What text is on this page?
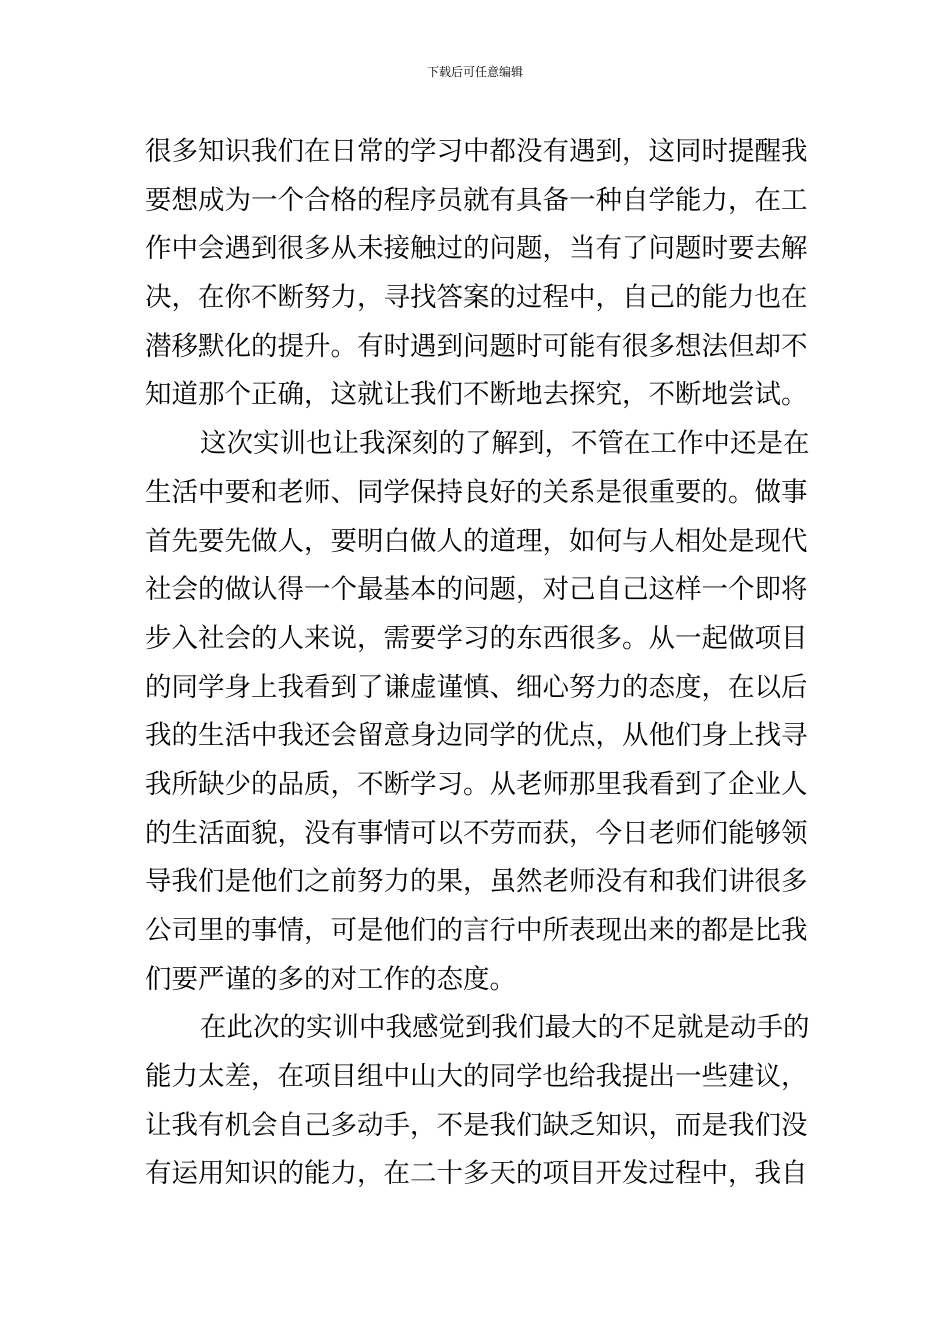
下载后可任意编辑
很多知识我们在日常的学习中都没有遇到，这同时提醒我
要想成为一个合格的程序员就有具备一种自学能力，在工
作中会遇到很多从未接触过的问题，当有了问题时要去解
决，在你不断努力，寻找答案的过程中，自己的能力也在
潜移默化的提升。有时遇到问题时可能有很多想法但却不
知道那个正确，这就让我们不断地去探究，不断地尝试。
这次实训也让我深刻的了解到，不管在工作中还是在
生活中要和老师、同学保持良好的关系是很重要的。做事
首先要先做人，要明白做人的道理，如何与人相处是现代
社会的做认得一个最基本的问题，对己自己这样一个即将
步入社会的人来说，需要学习的东西很多。从一起做项目
的同学身上我看到了谦虚谨慎、细心努力的态度，在以后
我的生活中我还会留意身边同学的优点，从他们身上找寻
我所缺少的品质，不断学习。从老师那里我看到了企业人
的生活面貌，没有事情可以不劳而获，今日老师们能够领
导我们是他们之前努力的果，虽然老师没有和我们讲很多
公司里的事情，可是他们的言行中所表现出来的都是比我
们要严谨的多的对工作的态度。
在此次的实训中我感觉到我们最大的不足就是动手的
能力太差，在项目组中山大的同学也给我提出一些建议，
让我有机会自己多动手，不是我们缺乏知识，而是我们没
有运用知识的能力，在二十多天的项目开发过程中，我自
